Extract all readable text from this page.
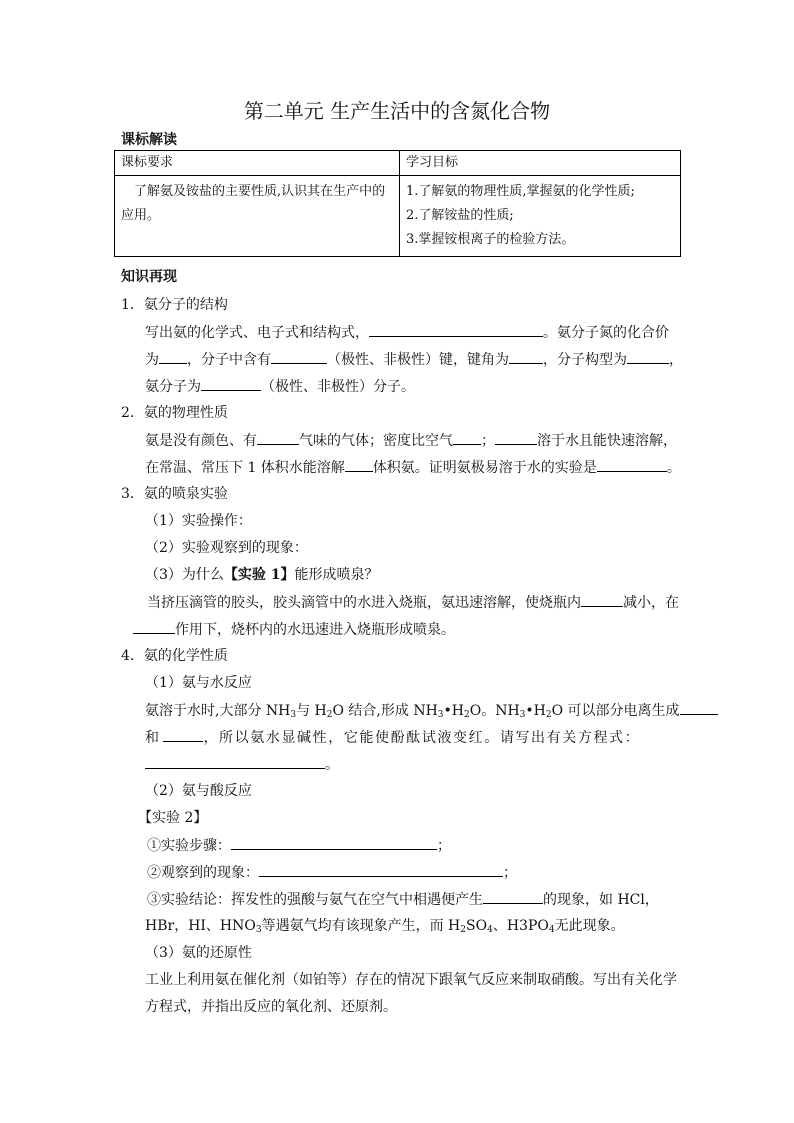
第二单元 生产生活中的含氮化合物
课标解读
课标要求	学习目标
了解氨及铵盐的主要性质,认识其在生产中的应用。	1.了解氨的物理性质,掌握氨的化学性质;
2.了解铵盐的性质;
3.掌握铵根离子的检验方法。
知识再现
1．氨分子的结构
写出氨的化学式、电子式和结构式，	。氨分子氮的化合价
为 ，分子中含有	（极性、非极性）键，键角为 ，分子构型为	，
氨分子为	（极性、非极性）分子。
2．氨的物理性质
氨是没有颜色、有	气味的气体；密度比空气 ；	溶于水且能快速溶解，
在常温、常压下 1 体积水能溶解 体积氨。证明氨极易溶于水的实验是	。
3．氨的喷泉实验
（1）实验操作：
（2）实验观察到的现象：
（3）为什么【实验 1】能形成喷泉？
当挤压滴管的胶头，胶头滴管中的水进入烧瓶，氨迅速溶解，使烧瓶内	减小，在
作用下，烧杯内的水迅速进入烧瓶形成喷泉。
4．氨的化学性质
（1）氨与水反应
氨溶于水时,大部分 $NH_3$与 $H_2O$ 结合,形成 $NH_3•H_2O$。$NH_3•H_2O$ 可以部分电离生成
和	，所以氨水显碱性，它能使酚酞试液变红。请写出有关方程式：
。
（2）氨与酸反应
【实验 2】
①实验步骤：	；
②观察到的现象：	；
③实验结论：挥发性的强酸与氨气在空气中相遇便产生	的现象，如 HCl，
HBr，HI、$HNO_3$等遇氨气均有该现象产生，而 $H_2SO_4$、$H3PO_4$无此现象。
（3）氨的还原性
工业上利用氨在催化剂（如铂等）存在的情况下跟氧气反应来制取硝酸。写出有关化学
方程式，并指出反应的氧化剂、还原剂。
